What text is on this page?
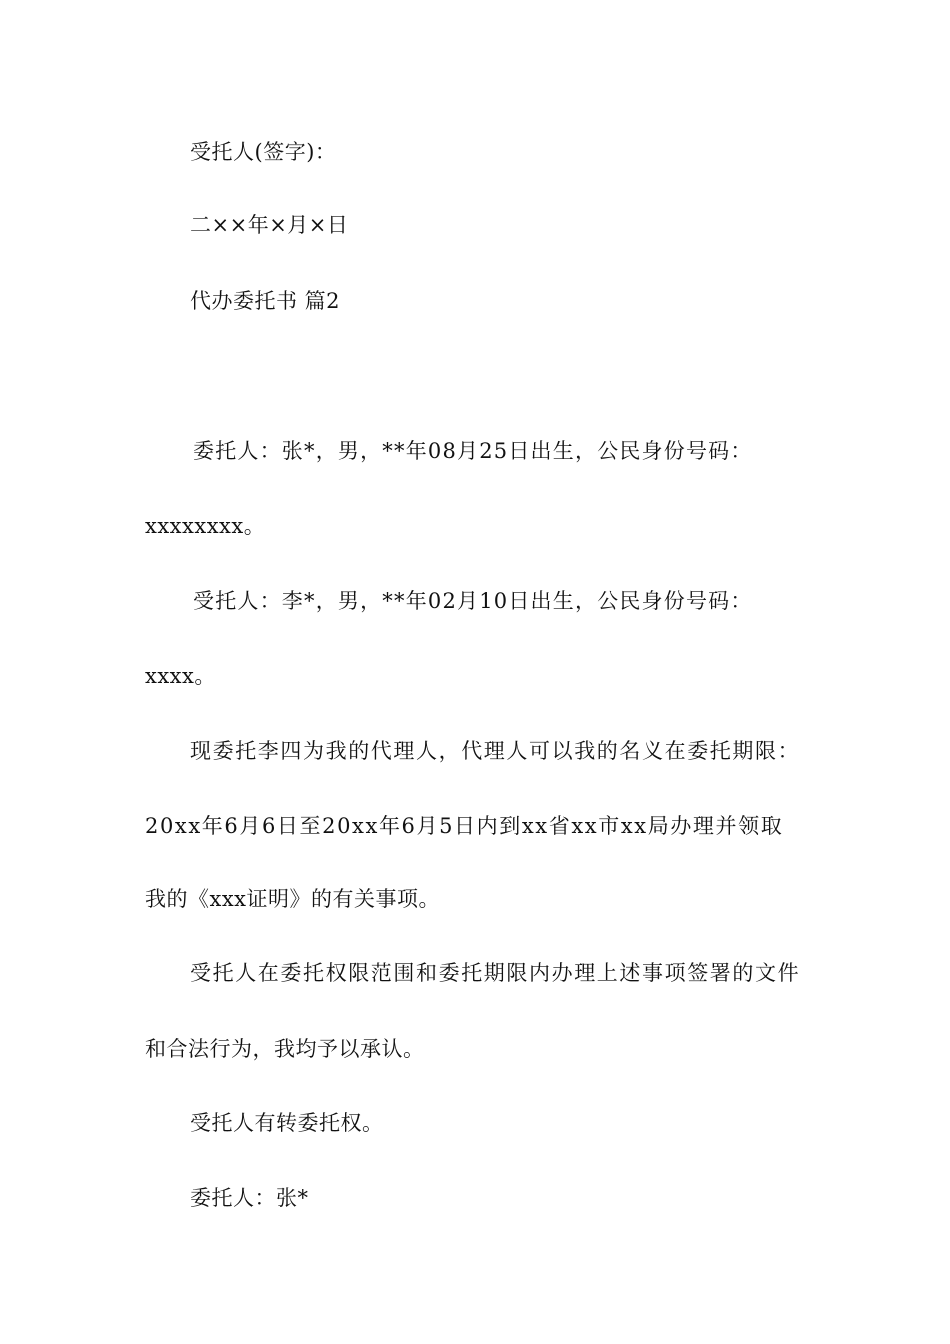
受托人(签字)：
二××年×月×日
代办委托书 篇2
委托人：张*，男，**年08月25日出生，公民身份号码：
xxxxxxxx。
受托人：李*，男，**年02月10日出生，公民身份号码：
xxxx。
现委托李四为我的代理人，代理人可以我的名义在委托期限：
20xx年6月6日至20xx年6月5日内到xx省xx市xx局办理并领取
我的《xxx证明》的有关事项。
受托人在委托权限范围和委托期限内办理上述事项签署的文件
和合法行为，我均予以承认。
受托人有转委托权。
委托人：张*
